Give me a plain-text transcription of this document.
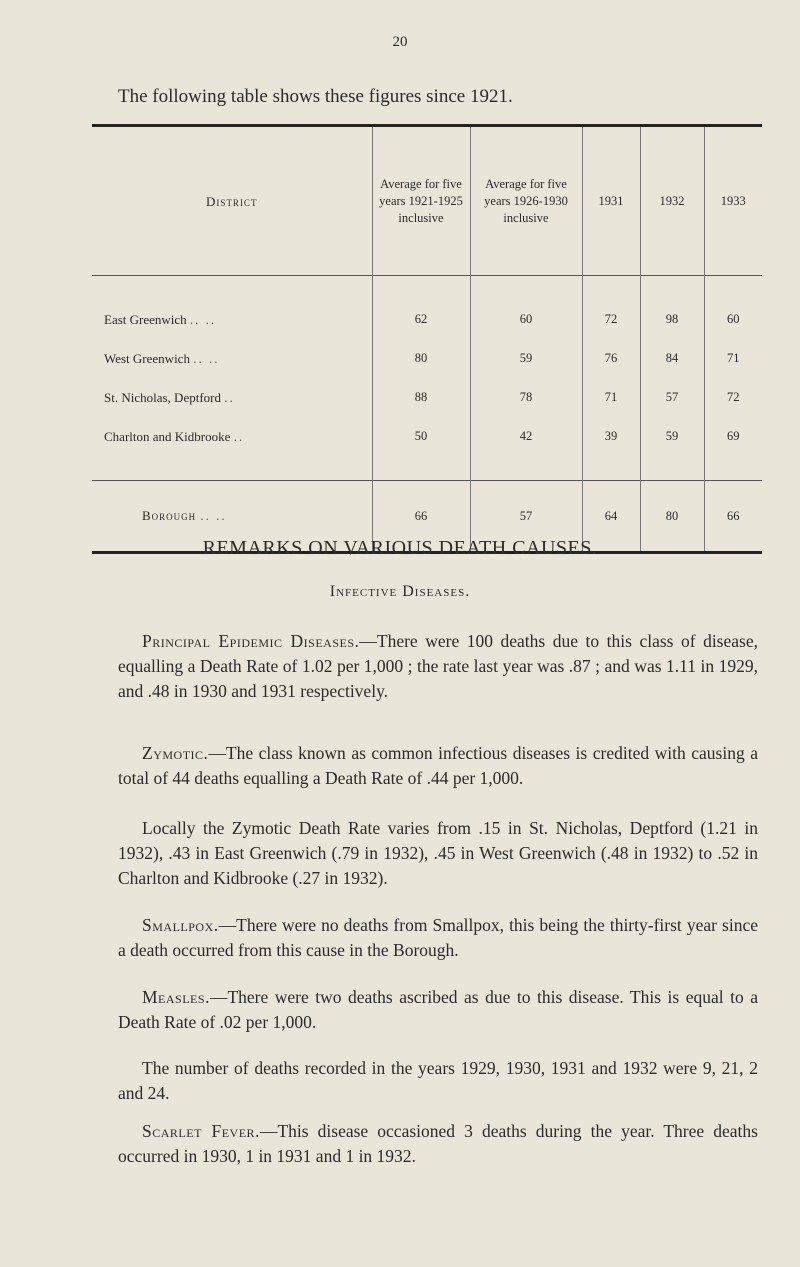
20
The following table shows these figures since 1921.
District	Average for five years 1921-1925 inclusive	Average for five years 1926-1930 inclusive	1931	1932	1933

East Greenwich .. ..	62	60	72	98	60
West Greenwich .. ..	80	59	76	84	71
St. Nicholas, Deptford ..	88	78	71	57	72
Charlton and Kidbrooke ..	50	42	39	59	69

Borough .. ..	66	57	64	80	66
REMARKS ON VARIOUS DEATH CAUSES.
Infective Diseases.
Principal Epidemic Diseases.—There were 100 deaths due to this class of disease, equalling a Death Rate of 1.02 per 1,000 ; the rate last year was .87 ; and was 1.11 in 1929, and .48 in 1930 and 1931 respectively.
Zymotic.—The class known as common infectious diseases is credited with causing a total of 44 deaths equalling a Death Rate of .44 per 1,000.
Locally the Zymotic Death Rate varies from .15 in St. Nicholas, Deptford (1.21 in 1932), .43 in East Greenwich (.79 in 1932), .45 in West Greenwich (.48 in 1932) to .52 in Charlton and Kidbrooke (.27 in 1932).
Smallpox.—There were no deaths from Smallpox, this being the thirty-first year since a death occurred from this cause in the Borough.
Measles.—There were two deaths ascribed as due to this disease. This is equal to a Death Rate of .02 per 1,000.
The number of deaths recorded in the years 1929, 1930, 1931 and 1932 were 9, 21, 2 and 24.
Scarlet Fever.—This disease occasioned 3 deaths during the year. Three deaths occurred in 1930, 1 in 1931 and 1 in 1932.
